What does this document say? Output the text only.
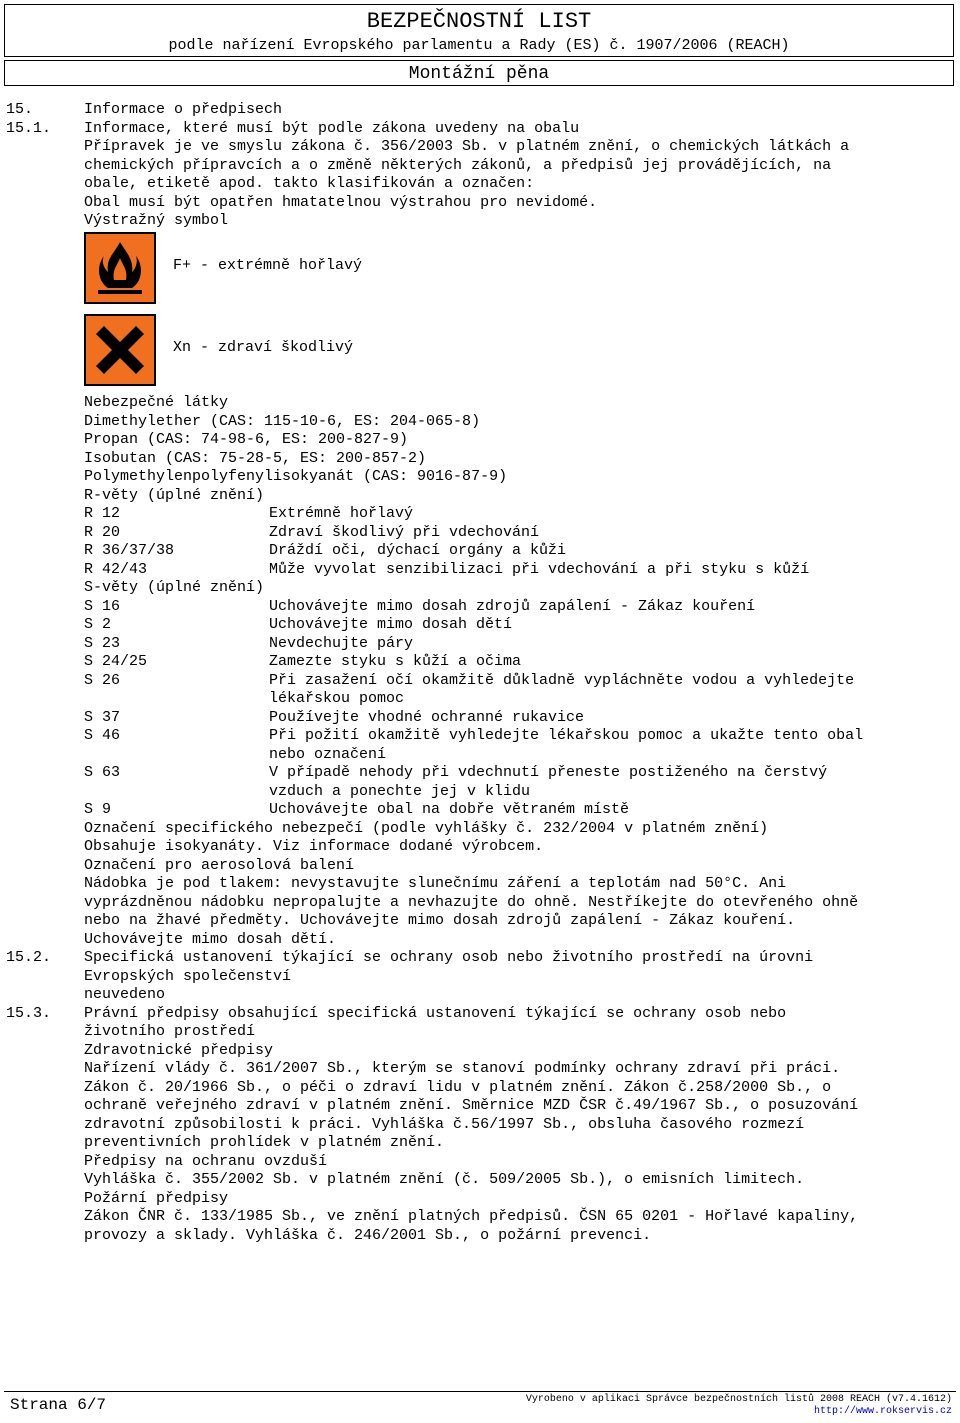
BEZPEČNOSTNÍ LIST
podle nařízení Evropského parlamentu a Rady (ES) č. 1907/2006 (REACH)
Montážní pěna
15.	Informace o předpisech
15.1. Informace, které musí být podle zákona uvedeny na obalu
Přípravek je ve smyslu zákona č. 356/2003 Sb. v platném znění, o chemických látkách a
chemických přípravcích a o změně některých zákonů, a předpisů jej provádějících, na
obale, etiketě apod. takto klasifikován a označen:
Obal musí být opatřen hmatatelnou výstrahou pro nevidomé.
Výstražný symbol
F+ - extrémně hořlavý
Xn - zdraví škodlivý
Nebezpečné látky
Dimethylether (CAS: 115-10-6, ES: 204-065-8)
Propan (CAS: 74-98-6, ES: 200-827-9)
Isobutan (CAS: 75-28-5, ES: 200-857-2)
Polymethylenpolyfenylisokyanát (CAS: 9016-87-9)
R-věty (úplné znění)
R 12	Extrémně hořlavý
R 20	Zdraví škodlivý při vdechování
R 36/37/38	Dráždí oči, dýchací orgány a kůži
R 42/43	Může vyvolat senzibilizaci při vdechování a při styku s kůží
S-věty (úplné znění)
S 16	Uchovávejte mimo dosah zdrojů zapálení - Zákaz kouření
S 2	Uchovávejte mimo dosah dětí
S 23	Nevdechujte páry
S 24/25	Zamezte styku s kůží a očima
S 26	Při zasažení očí okamžitě důkladně vypláchněte vodou a vyhledejte
lékařskou pomoc
S 37	Používejte vhodné ochranné rukavice
S 46	Při požití okamžitě vyhledejte lékařskou pomoc a ukažte tento obal
nebo označení
S 63	V případě nehody při vdechnutí přeneste postiženého na čerstvý
vzduch a ponechte jej v klidu
S 9	Uchovávejte obal na dobře větraném místě
Označení specifického nebezpečí (podle vyhlášky č. 232/2004 v platném znění)
Obsahuje isokyanáty. Viz informace dodané výrobcem.
Označení pro aerosolová balení
Nádobka je pod tlakem: nevystavujte slunečnímu záření a teplotám nad 50°C. Ani
vyprázdněnou nádobku nepropalujte a nevhazujte do ohně. Nestříkejte do otevřeného ohně
nebo na žhavé předměty. Uchovávejte mimo dosah zdrojů zapálení - Zákaz kouření.
Uchovávejte mimo dosah dětí.
15.2. Specifická ustanovení týkající se ochrany osob nebo životního prostředí na úrovni
Evropských společenství
neuvedeno
15.3. Právní předpisy obsahující specifická ustanovení týkající se ochrany osob nebo
životního prostředí
Zdravotnické předpisy
Nařízení vlády č. 361/2007 Sb., kterým se stanoví podmínky ochrany zdraví při práci.
Zákon č. 20/1966 Sb., o péči o zdraví lidu v platném znění. Zákon č.258/2000 Sb., o
ochraně veřejného zdraví v platném znění. Směrnice MZD ČSR č.49/1967 Sb., o posuzování
zdravotní způsobilosti k práci. Vyhláška č.56/1997 Sb., obsluha časového rozmezí
preventivních prohlídek v platném znění.
Předpisy na ochranu ovzduší
Vyhláška č. 355/2002 Sb. v platném znění (č. 509/2005 Sb.), o emisních limitech.
Požární předpisy
Zákon ČNR č. 133/1985 Sb., ve znění platných předpisů. ČSN 65 0201 - Hořlavé kapaliny,
provozy a sklady. Vyhláška č. 246/2001 Sb., o požární prevenci.
Strana 6/7	Vyrobeno v aplikaci Správce bezpečnostních listů 2008 REACH (v7.4.1612)
http://www.rokservis.cz
